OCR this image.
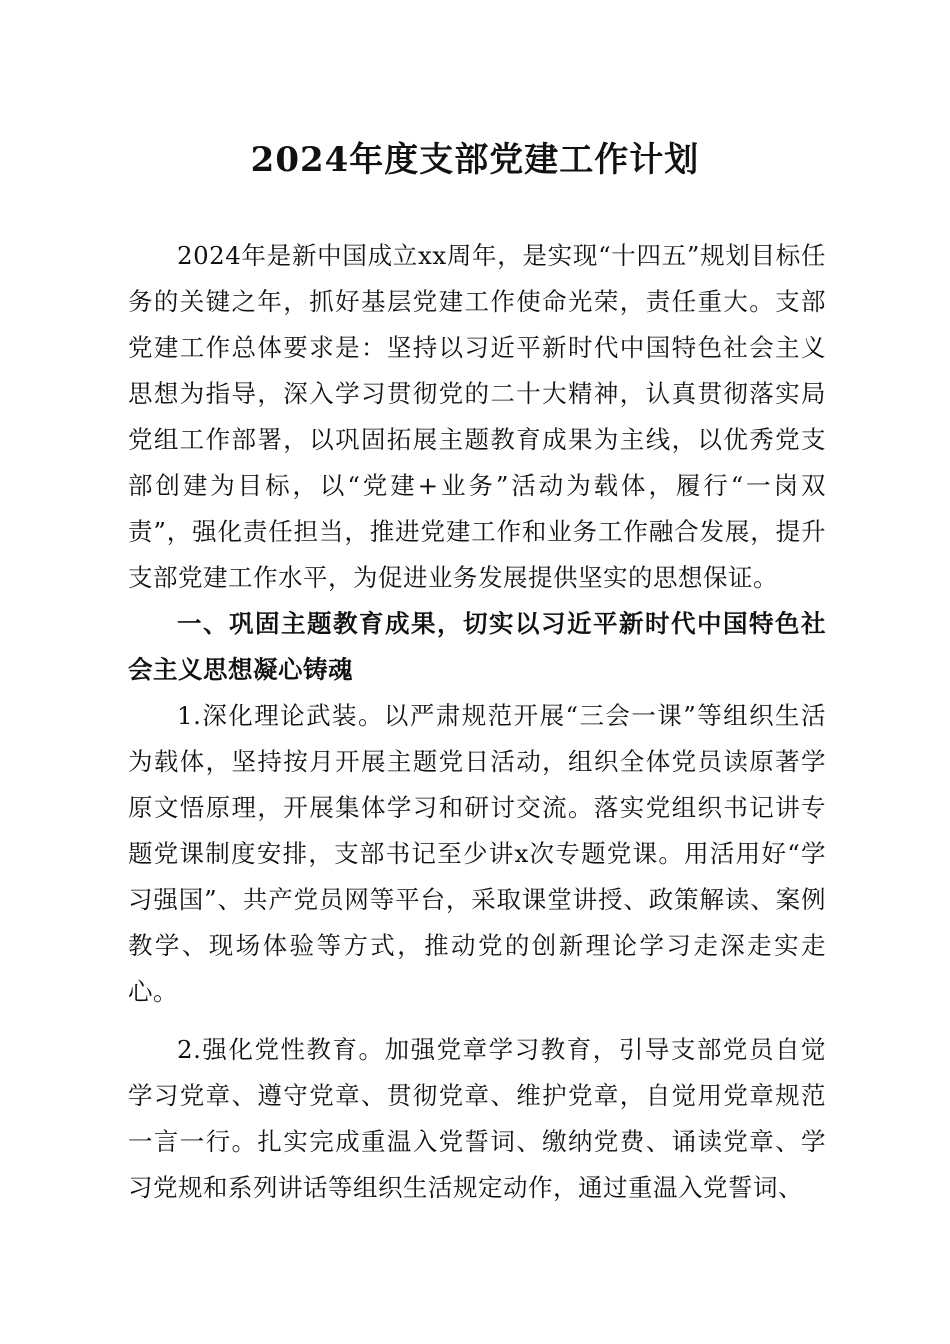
2024年度支部党建工作计划

2024年是新中国成立xx周年，是实现“十四五”规划目标任务的关键之年，抓好基层党建工作使命光荣，责任重大。支部党建工作总体要求是：坚持以习近平新时代中国特色社会主义思想为指导，深入学习贯彻党的二十大精神，认真贯彻落实局党组工作部署，以巩固拓展主题教育成果为主线，以优秀党支部创建为目标，以“党建+业务”活动为载体，履行“一岗双责”，强化责任担当，推进党建工作和业务工作融合发展，提升支部党建工作水平，为促进业务发展提供坚实的思想保证。

一、巩固主题教育成果，切实以习近平新时代中国特色社会主义思想凝心铸魂

1.深化理论武装。以严肃规范开展“三会一课”等组织生活为载体，坚持按月开展主题党日活动，组织全体党员读原著学原文悟原理，开展集体学习和研讨交流。落实党组织书记讲专题党课制度安排，支部书记至少讲x次专题党课。用活用好“学习强国”、共产党员网等平台，采取课堂讲授、政策解读、案例教学、现场体验等方式，推动党的创新理论学习走深走实走心。

2.强化党性教育。加强党章学习教育，引导支部党员自觉学习党章、遵守党章、贯彻党章、维护党章，自觉用党章规范一言一行。扎实完成重温入党誓词、缴纳党费、诵读党章、学习党规和系列讲话等组织生活规定动作，通过重温入党誓词、
